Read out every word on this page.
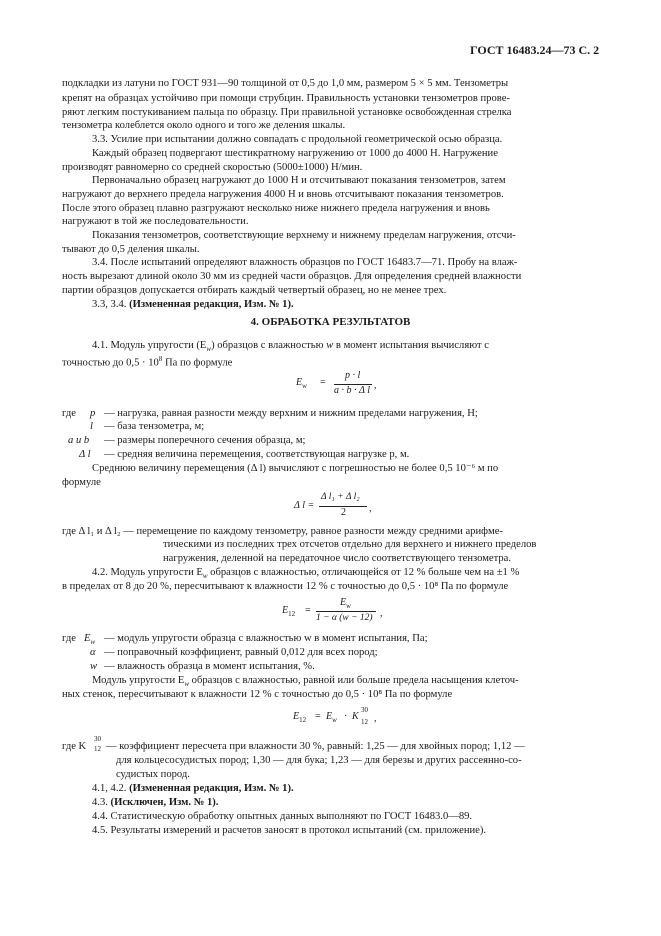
ГОСТ 16483.24—73 С. 2
подкладки из латуни по ГОСТ 931—90 толщиной от 0,5 до 1,0 мм, размером 5 × 5 мм. Тензометры
крепят на образцах устойчиво при помощи струбцин. Правильность установки тензометров прове-
ряют легким постукиванием пальца по образцу. При правильной установке освобожденная стрелка
тензометра колеблется около одного и того же деления шкалы.
3.3. Усилие при испытании должно совпадать с продольной геометрической осью образца.
Каждый образец подвергают шестикратному нагружению от 1000 до 4000 Н. Нагружение
производят равномерно со средней скоростью (5000±1000) Н/мин.
Первоначально образец нагружают до 1000 Н и отсчитывают показания тензометров, затем
нагружают до верхнего предела нагружения 4000 Н и вновь отсчитывают показания тензометров.
После этого образец плавно разгружают несколько ниже нижнего предела нагружения и вновь
нагружают в той же последовательности.
Показания тензометров, соответствующие верхнему и нижнему пределам нагружения, отсчи-
тывают до 0,5 деления шкалы.
3.4. После испытаний определяют влажность образцов по ГОСТ 16483.7—71. Пробу на влаж-
ность вырезают длиной около 30 мм из средней части образцов. Для определения средней влажности
партии образцов допускается отбирать каждый четвертый образец, но не менее трех.
3.3, 3.4. (Измененная редакция, Изм. № 1).
4. ОБРАБОТКА РЕЗУЛЬТАТОВ
4.1. Модуль упругости $(E_w)$ образцов с влажностью w в момент испытания вычисляют с
точностью до $0,5 \cdot 10^8$ Па по формуле
$E_w$ =
p · l
a · b · Δ l ,
где p — нагрузка, равная разности между верхним и нижним пределами нагружения, Н;
l — база тензометра, м;
a и b — размеры поперечного сечения образца, м;
Δ l — средняя величина перемещения, соответствующая нагрузке p, м.
Среднюю величину перемещения (Δ l) вычисляют с погрешностью не более 0,5 10⁻⁶ м по
формуле
Δ l =
Δ l₁ + Δ l₂
2 ,
где Δ l₁ и Δ l₂ — перемещение по каждому тензометру, равное разности между средними арифме-
тическими из последних трех отсчетов отдельно для верхнего и нижнего пределов
нагружения, деленной на передаточное число соответствующего тензометра.
4.2. Модуль упругости $E_w$ образцов с влажностью, отличающейся от 12 % больше чем на ±1 %
в пределах от 8 до 20 %, пересчитывают к влажности 12 % с точностью до 0,5 · 10⁸ Па по формуле
$E_{12}$ =
$E_w$
1 − α (w − 12) ,
где $E_w$ — модуль упругости образца с влажностью w в момент испытания, Па;
α — поправочный коэффициент, равный 0,012 для всех пород;
w — влажность образца в момент испытания, %.
Модуль упругости $E_w$ образцов с влажностью, равной или больше предела насыщения клеточ-
ных стенок, пересчитывают к влажности 12 % с точностью до 0,5 · 10⁸ Па по формуле
$E_{12} = E_w \cdot K$
30
12 ,
где K
30
12 — коэффициент пересчета при влажности 30 %, равный: 1,25 — для хвойных пород; 1,12 —
для кольцесосудистых пород; 1,30 — для бука; 1,23 — для березы и других рассеянно-со-
судистых пород.
4.1, 4.2. (Измененная редакция, Изм. № 1).
4.3. (Исключен, Изм. № 1).
4.4. Статистическую обработку опытных данных выполняют по ГОСТ 16483.0—89.
4.5. Результаты измерений и расчетов заносят в протокол испытаний (см. приложение).
